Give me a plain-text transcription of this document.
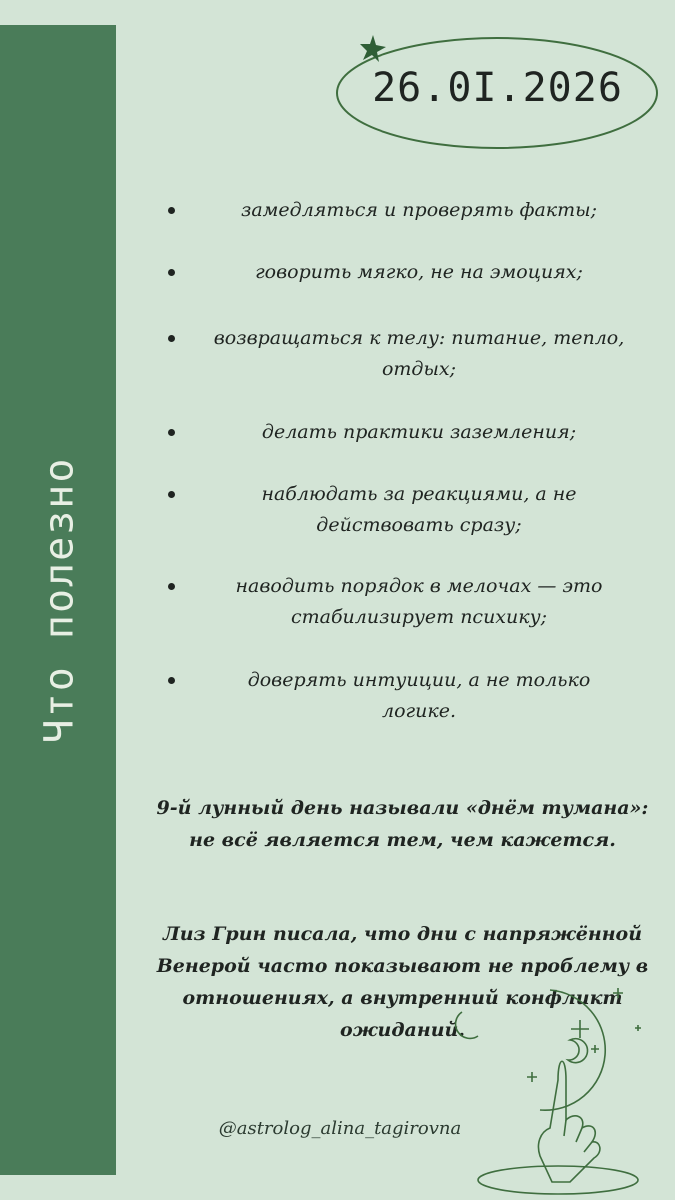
Что полезно
26.0I.2026
замедляться и проверять факты;
говорить мягко, не на эмоциях;
возвращаться к телу: питание, тепло,
отдых;
делать практики заземления;
наблюдать за реакциями, а не
действовать сразу;
наводить порядок в мелочах — это
стабилизирует психику;
доверять интуиции, а не только
логике.
9-й лунный день называли «днём тумана»:
не всё является тем, чем кажется.
Лиз Грин писала, что дни с напряжённой
Венерой часто показывают не проблему в
отношениях, а внутренний конфликт
ожиданий.
@astrolog_alina_tagirovna
